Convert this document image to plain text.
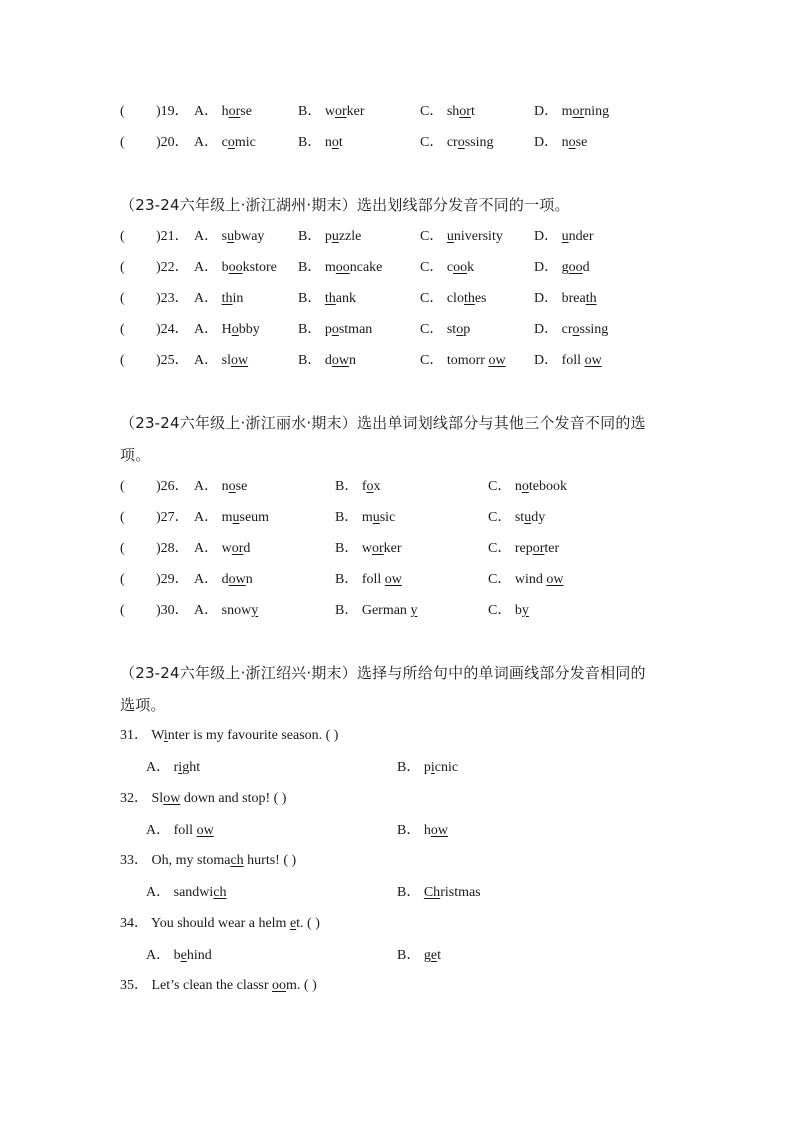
( )19． A． horse	B． worker	C． short	D． morning
( )20． A． comic	B． not	C． crossing	D． nose
（23-24六年级上·浙江湖州·期末）选出划线部分发音不同的一项。
( )21． A． subway B． puzzle	C． university D． under
( )22． A． bookstore B． mooncake	C． cook	D． good
( )23． A． thin	B． thank	C． clothes	D． breath
( )24． A． Hobby	B． postman	C． stop	D． crossing
( )25． A． slow	B． down	C． tomorr ow D． foll ow
（23-24六年级上·浙江丽水·期末）选出单词划线部分与其他三个发音不同的选
项。
( )26． A． nose	B． fox	C． notebook
( )27． A． museum	B． music	C． study
( )28． A． word	B． worker	C． reporter
( )29． A． down	B． foll ow	C． wind ow
( )30． A． snowy	B． German y	C． by
（23-24六年级上·浙江绍兴·期末）选择与所给句中的单词画线部分发音相同的
选项。
31． Winter is my favourite season. ( )
A． right	B． picnic
32． Slow down and stop! ( )
A． foll ow	B． how
33． Oh, my stomach hurts! ( )
A． sandwich	B． Christmas
34． You should wear a helm et. ( )
A． behind	B． get
35． Let’s clean the classr oom. ( )
